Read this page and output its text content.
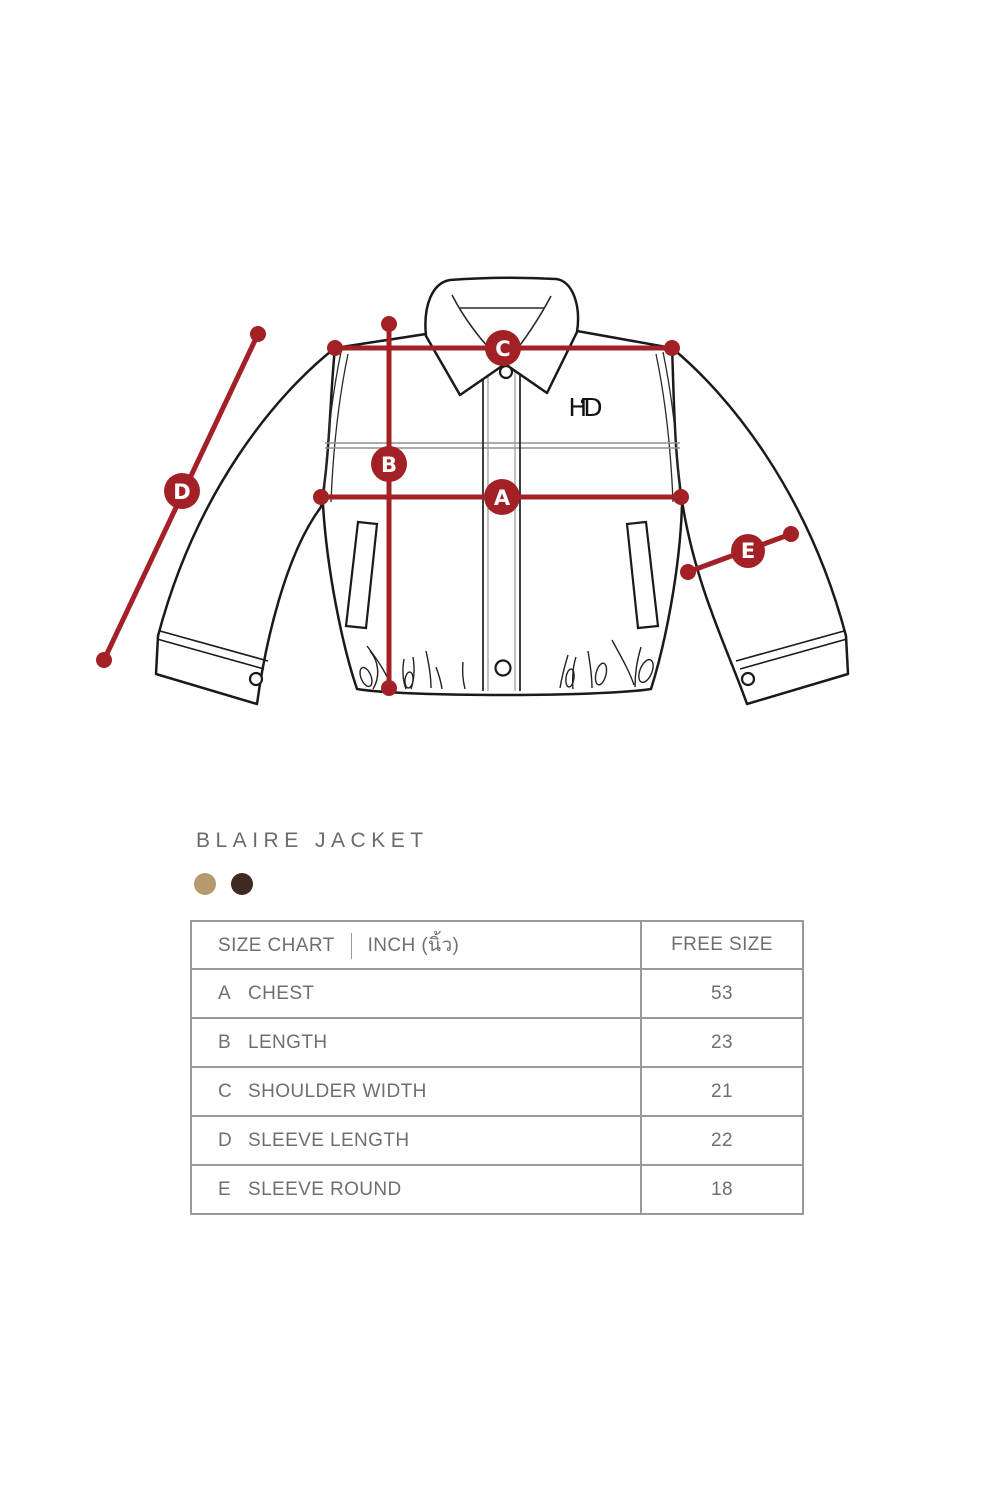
HƊ
A
B
C
D
E
BLAIRE JACKET
SIZE CHART INCH (นิ้ว)	FREE SIZE
A CHEST	53
B LENGTH	23
C SHOULDER WIDTH	21
D SLEEVE LENGTH	22
E SLEEVE ROUND	18
